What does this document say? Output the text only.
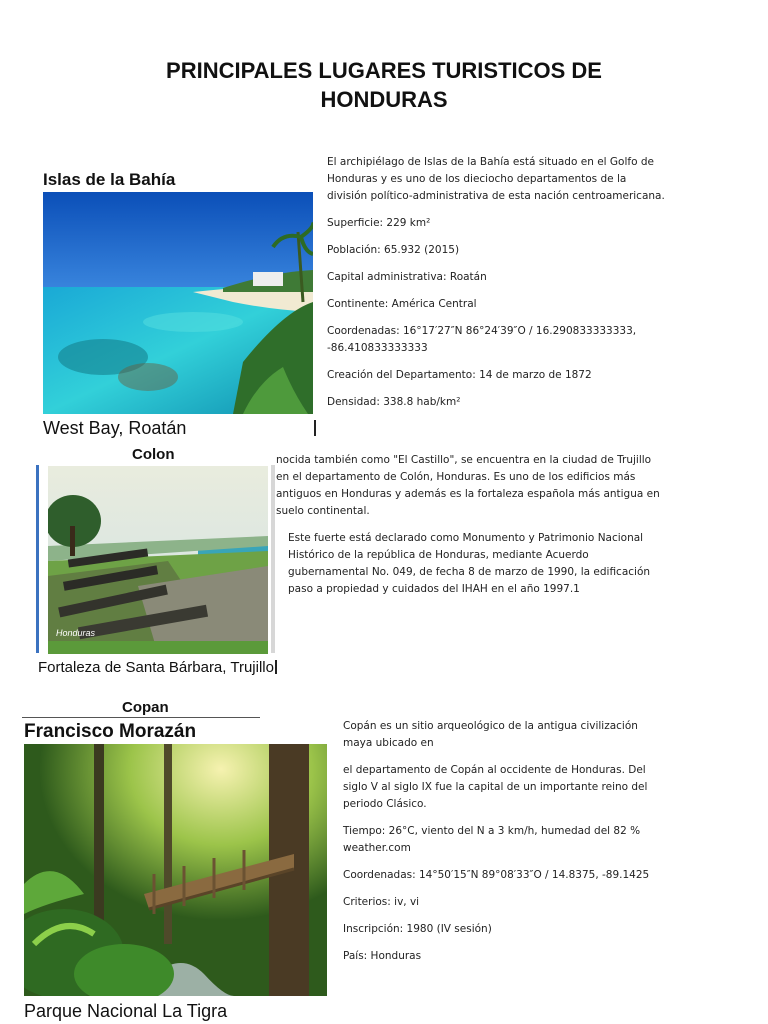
PRINCIPALES LUGARES TURISTICOS DE HONDURAS
Islas de la Bahía
West Bay, Roatán

El archipiélago de Islas de la Bahía está situado en el Golfo de Honduras y es uno de los dieciocho departamentos de la división político-administrativa de esta nación centroamericana.

Superficie: 229 km²

Población: 65.932 (2015)

Capital administrativa: Roatán

Continente: América Central

Coordenadas: 16°17′27″N 86°24′39″O / 16.290833333333, -86.410833333333

Creación del Departamento: 14 de marzo de 1872

Densidad: 338.8 hab/km²

Colon
Honduras
Fortaleza de Santa Bárbara, Trujillo

nocida también como "El Castillo", se encuentra en la ciudad de Trujillo en el departamento de Colón, Honduras. Es uno de los edificios más antiguos en Honduras y además es la fortaleza española más antigua en suelo continental.

Este fuerte está declarado como Monumento y Patrimonio Nacional Histórico de la república de Honduras, mediante Acuerdo gubernamental No. 049, de fecha 8 de marzo de 1990, la edificación paso a propiedad y cuidados del IHAH en el año 1997.1

Copan
Francisco Morazán
Parque Nacional La Tigra

Copán es un sitio arqueológico de la antigua civilización maya ubicado en

el departamento de Copán al occidente de Honduras. Del siglo V al siglo IX fue la capital de un importante reino del periodo Clásico.

Tiempo: 26°C, viento del N a 3 km/h, humedad del 82 % weather.com

Coordenadas: 14°50′15″N 89°08′33″O / 14.8375, -89.1425

Criterios: iv, vi

Inscripción: 1980 (IV sesión)

País: Honduras
